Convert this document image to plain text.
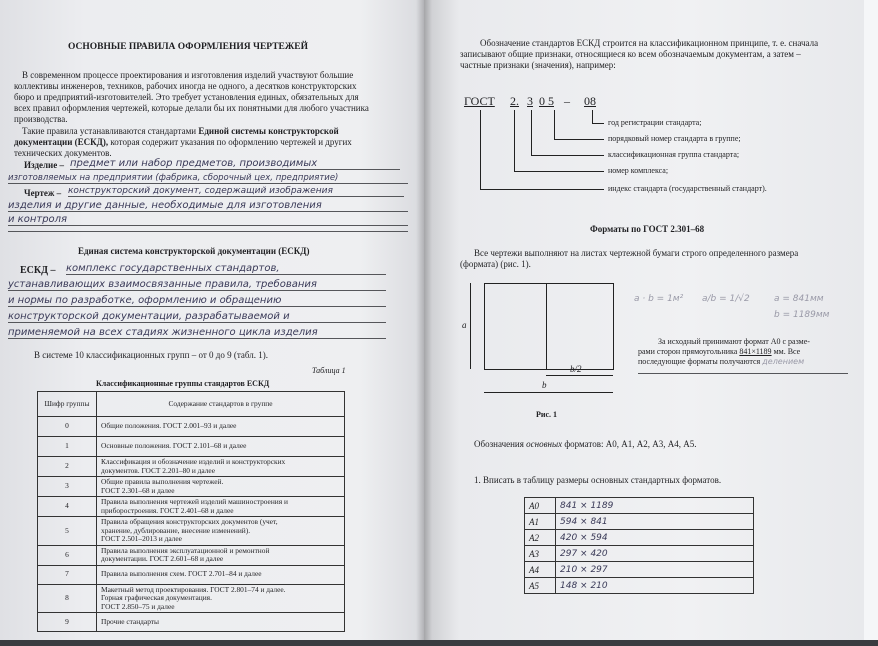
ОСНОВНЫЕ ПРАВИЛА ОФОРМЛЕНИЯ ЧЕРТЕЖЕЙ
В современном процессе проектирования и изготовления изделий участвуют большие
коллективы инженеров, техников, рабочих иногда не одного, а десятков конструкторских
бюро и предприятий-изготовителей. Это требует установления единых, обязательных для
всех правил оформления чертежей, которые делали бы их понятными для любого участника
производства.
Такие правила устанавливаются стандартами Единой системы конструкторской
документации (ЕСКД), которая содержит указания по оформлению чертежей и других
технических документов.
Изделие – предмет или набор предметов, производимых
изготовляемых на предприятии (фабрика, сборочный цех, предприятие)
Чертеж – конструкторский документ, содержащий изображения
изделия и другие данные, необходимые для изготовления
и контроля
Единая система конструкторской документации (ЕСКД)
ЕСКД – комплекс государственных стандартов,
устанавливающих взаимосвязанные правила, требования
и нормы по разработке, оформлению и обращению
конструкторской документации, разрабатываемой и
применяемой на всех стадиях жизненного цикла изделия
В системе 10 классификационных групп – от 0 до 9 (табл. 1).
Таблица 1
Классификационные группы стандартов ЕСКД
Шифр группы	Содержание стандартов в группе
0	Общие положения. ГОСТ 2.001–93 и далее

1	Основные положения. ГОСТ 2.101–68 и далее

2	Классификация и обозначение изделий и конструкторских
документов. ГОСТ 2.201–80 и далее

3	Общие правила выполнения чертежей.
ГОСТ 2.301–68 и далее

4	Правила выполнения чертежей изделий машиностроения и
приборостроения. ГОСТ 2.401–68 и далее

5	Правила обращения конструкторских документов (учет,
хранение, дублирование, внесение изменений).
ГОСТ 2.501–2013 и далее

6	Правила выполнения эксплуатационной и ремонтной
документации. ГОСТ 2.601–68 и далее

7	Правила выполнения схем. ГОСТ 2.701–84 и далее

8	Макетный метод проектирования. ГОСТ 2.801–74 и далее.
Горная графическая документация.
ГОСТ 2.850–75 и далее

9	Прочие стандарты
Обозначение стандартов ЕСКД строится на классификационном принципе, т. е. сначала
записывают общие признаки, относящиеся ко всем обозначаемым документам, а затем –
частные признаки (значения), например:
ГОСТ 2. 3 0 5 – 08
год регистрации стандарта;
порядковый номер стандарта в группе;
классификационная группа стандарта;
номер комплекса;
индекс стандарта (государственный стандарт).
Форматы по ГОСТ 2.301–68
Все чертежи выполняют на листах чертежной бумаги строго определенного размера
(формата) (рис. 1).
a
b
b/2
Рис. 1
a · b = 1м² a/b = 1/√2	a = 841мм
b = 1189мм
За исходный принимают формат А0 с разме-
рами сторон прямоугольника 841×1189 мм. Все
последующие форматы получаются делением
Обозначения основных форматов: А0, А1, А2, А3, А4, А5.
1. Вписать в таблицу размеры основных стандартных форматов.
А0	841 × 1189
А1	594 × 841
А2	420 × 594
А3	297 × 420
А4	210 × 297
А5	148 × 210
